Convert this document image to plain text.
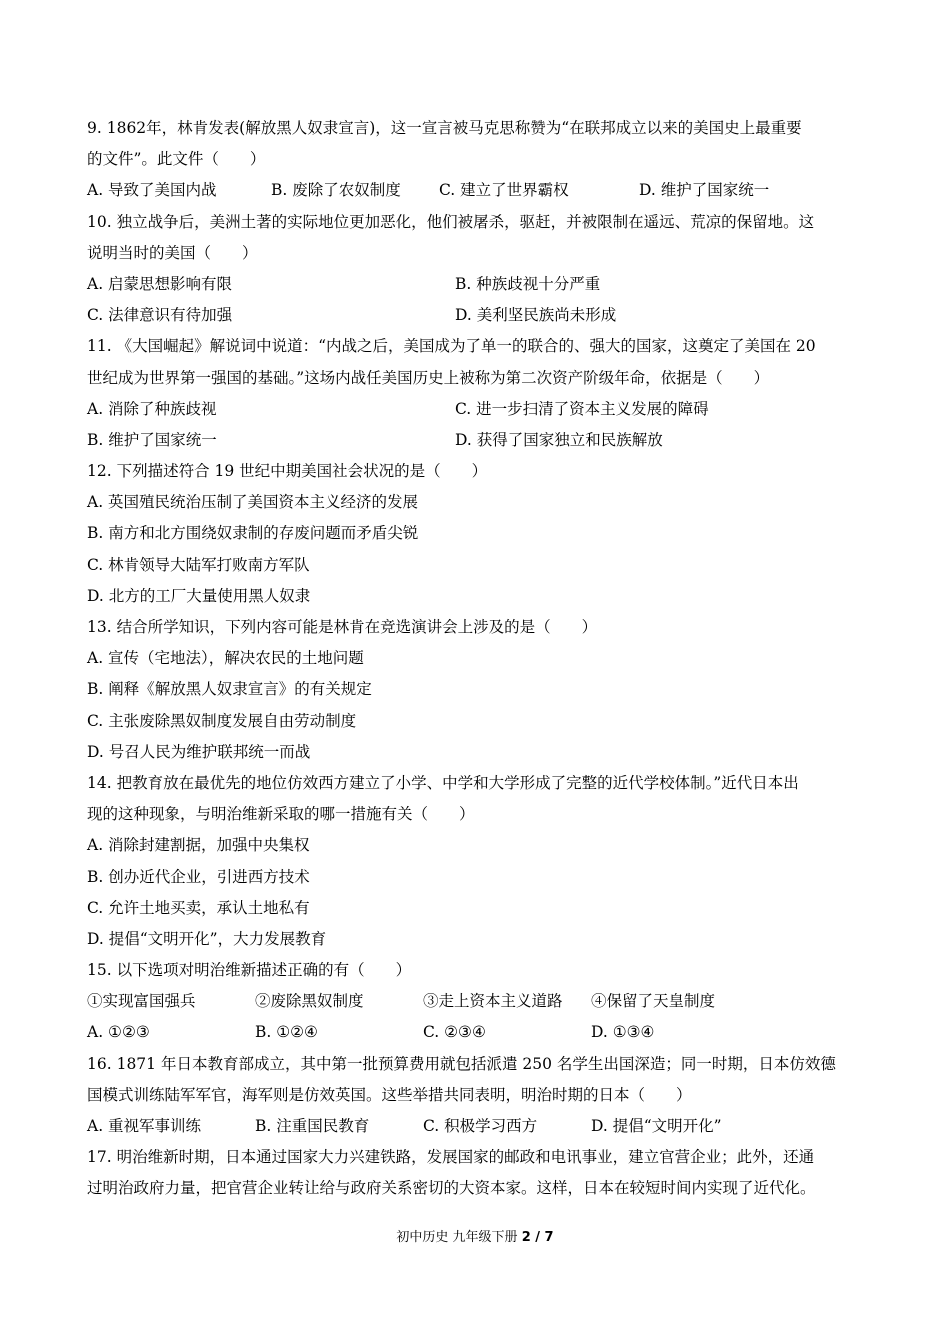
9. 1862年，林肯发表(解放黑人奴隶宣言)，这一宣言被马克思称赞为“在联邦成立以来的美国史上最重要
的文件”。此文件（　　）
A. 导致了美国内战	B. 废除了农奴制度	C. 建立了世界霸权	D. 维护了国家统一
10. 独立战争后，美洲土著的实际地位更加恶化，他们被屠杀，驱赶，并被限制在遥远、荒凉的保留地。这
说明当时的美国（　　）
A. 启蒙思想影响有限	B. 种族歧视十分严重
C. 法律意识有待加强	D. 美利坚民族尚未形成
11. 《大国崛起》解说词中说道：“内战之后，美国成为了单一的联合的、强大的国家，这奠定了美国在 20
世纪成为世界第一强国的基础。”这场内战任美国历史上被称为第二次资产阶级年命，依据是（　　）
A. 消除了种族歧视	C. 进一步扫清了资本主义发展的障碍
B. 维护了国家统一	D. 获得了国家独立和民族解放
12. 下列描述符合 19 世纪中期美国社会状况的是（　　）
A. 英国殖民统治压制了美国资本主义经济的发展
B. 南方和北方围绕奴隶制的存废问题而矛盾尖锐
C. 林肯领导大陆军打败南方军队
D. 北方的工厂大量使用黑人奴隶
13. 结合所学知识，下列内容可能是林肯在竞选演讲会上涉及的是（　　）
A. 宣传（宅地法），解决农民的土地问题
B. 阐释《解放黑人奴隶宣言》的有关规定
C. 主张废除黑奴制度发展自由劳动制度
D. 号召人民为维护联邦统一而战
14. 把教育放在最优先的地位仿效西方建立了小学、中学和大学形成了完整的近代学校体制。”近代日本出
现的这种现象，与明治维新采取的哪一措施有关（　　）
A. 消除封建割据，加强中央集权
B. 创办近代企业，引进西方技术
C. 允许土地买卖，承认土地私有
D. 提倡“文明开化”，大力发展教育
15. 以下选项对明治维新描述正确的有（　　）
①实现富国强兵	②废除黑奴制度	③走上资本主义道路	④保留了天皇制度
A. ①②③	B. ①②④	C. ②③④	D. ①③④
16. 1871 年日本教育部成立，其中第一批预算费用就包括派遣 250 名学生出国深造；同一时期，日本仿效德
国模式训练陆军军官，海军则是仿效英国。这些举措共同表明，明治时期的日本（　　）
A. 重视军事训练	B. 注重国民教育	C. 积极学习西方	D. 提倡“文明开化”
17. 明治维新时期，日本通过国家大力兴建铁路，发展国家的邮政和电讯事业，建立官营企业；此外，还通
过明治政府力量，把官营企业转让给与政府关系密切的大资本家。这样，日本在较短时间内实现了近代化。
初中历史 九年级下册 2 / 7
